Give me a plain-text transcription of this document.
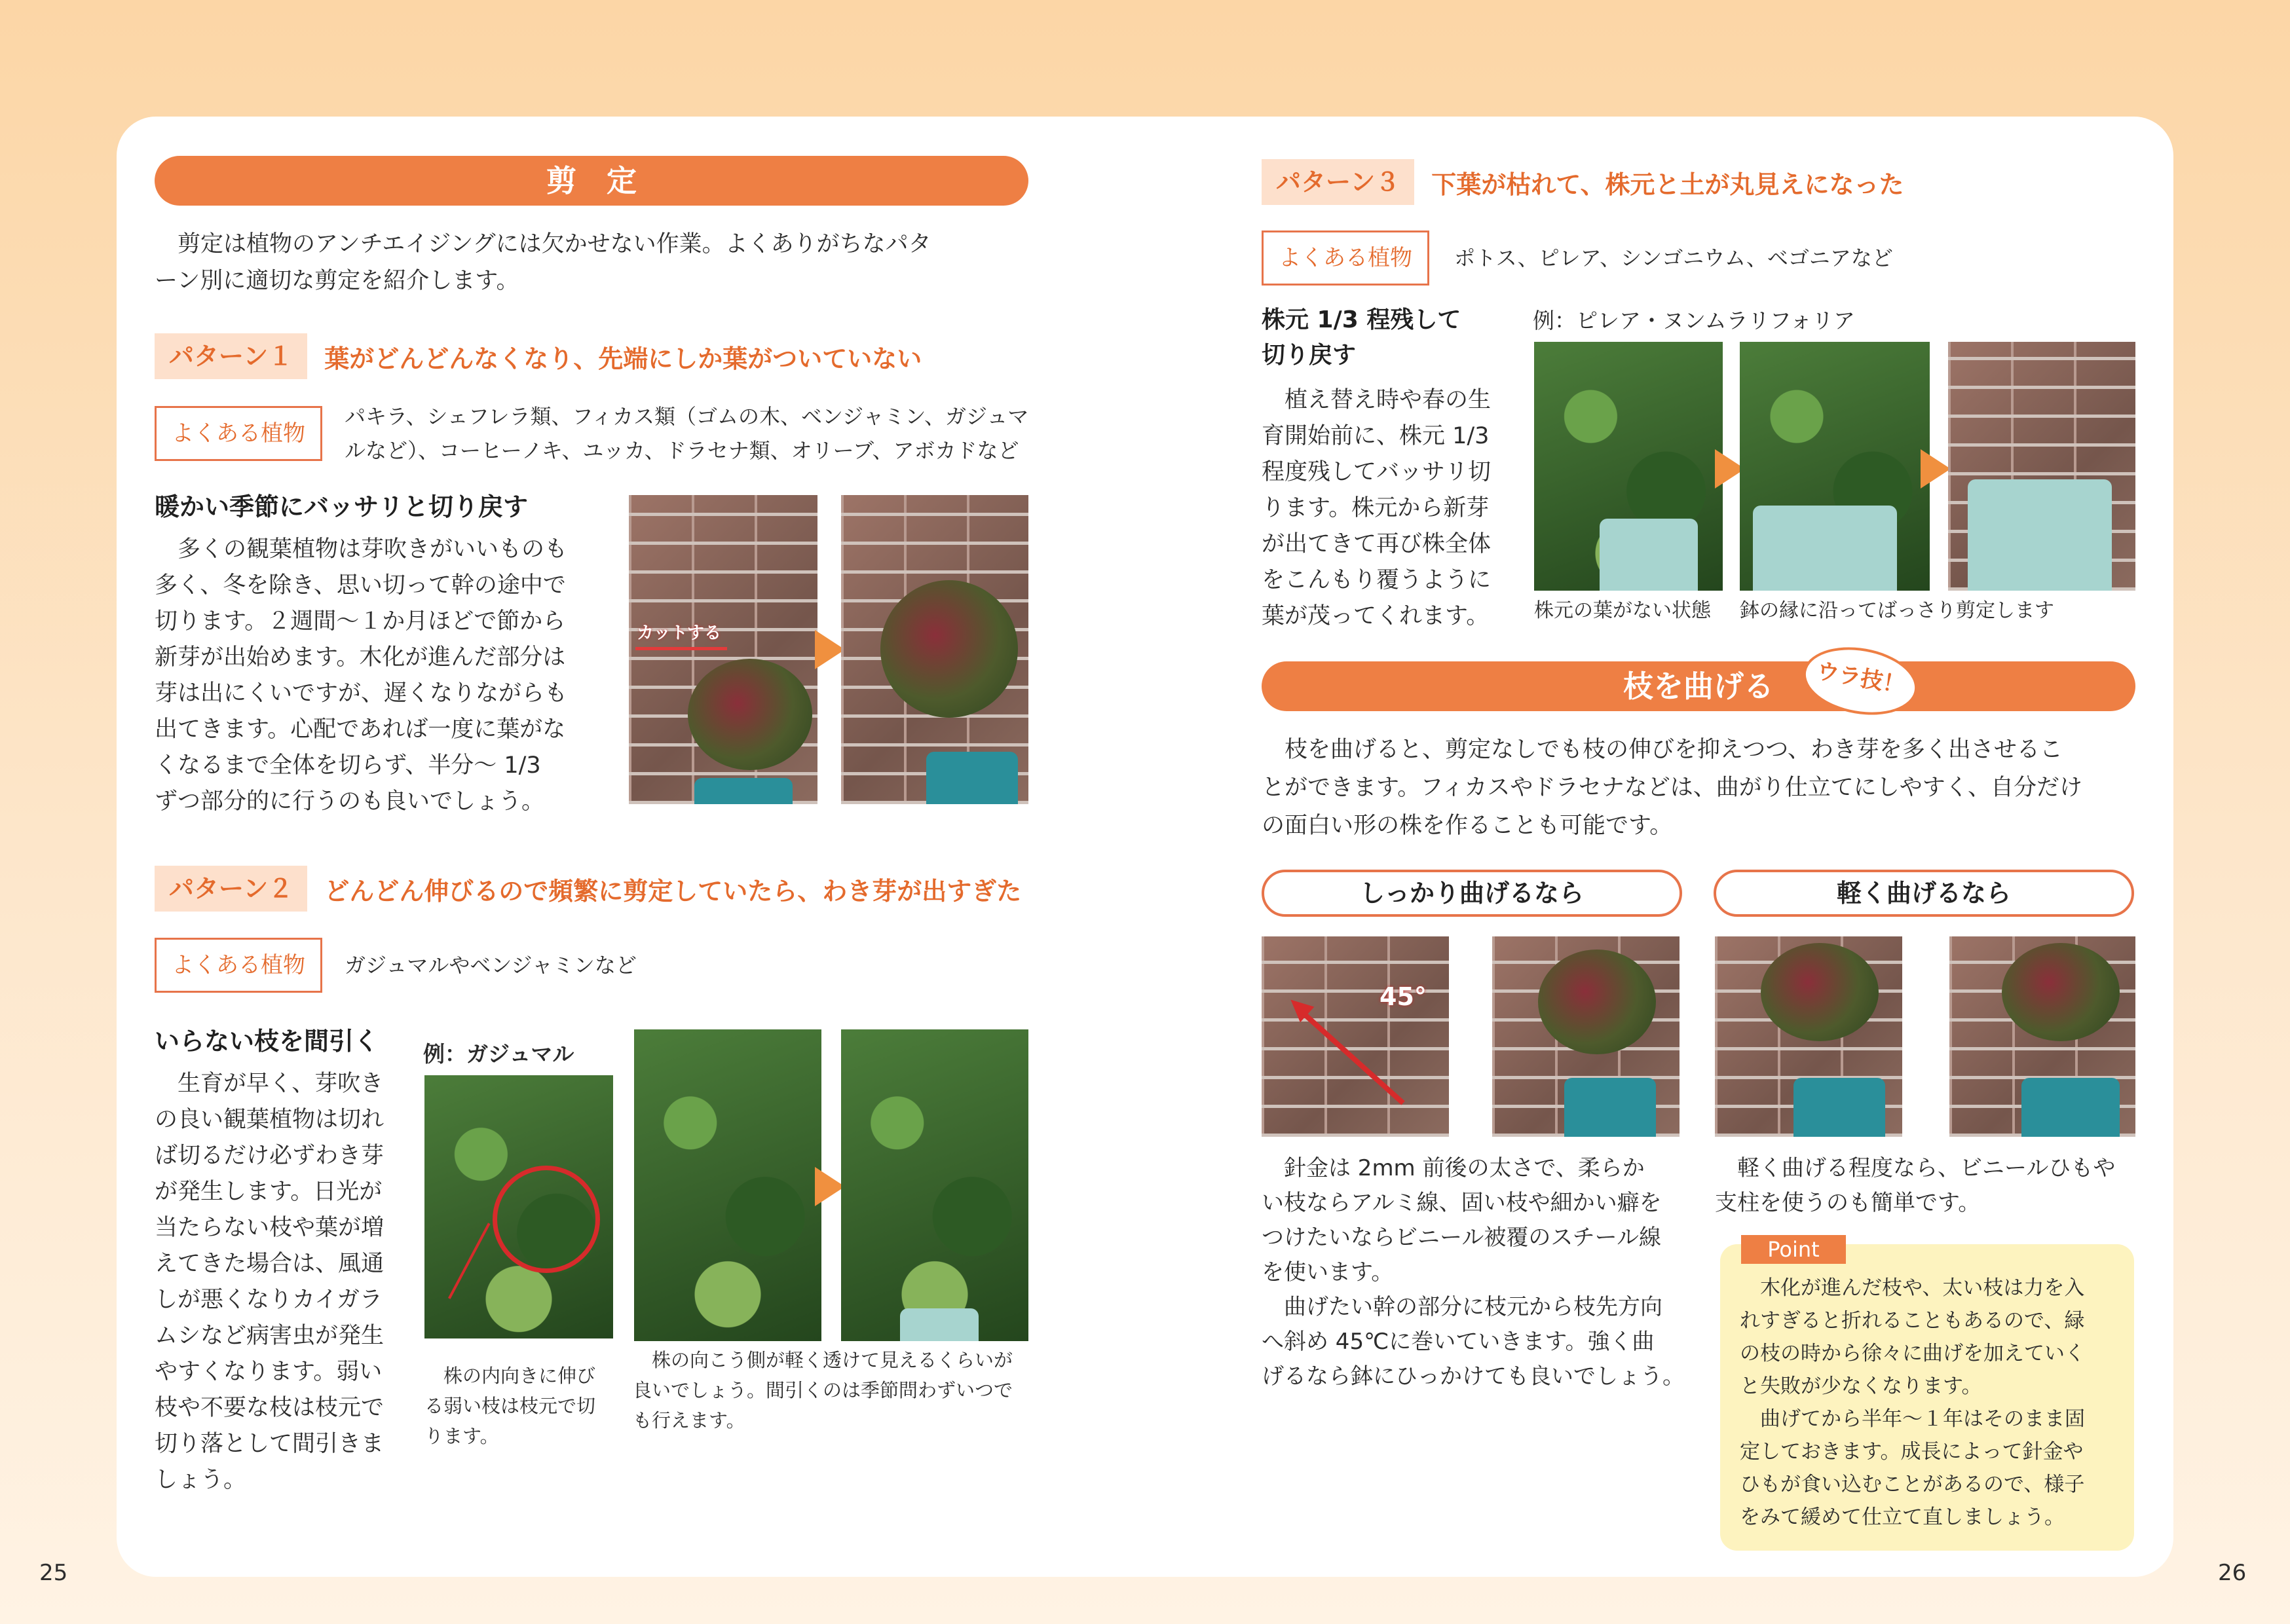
剪　定
　剪定は植物のアンチエイジングには欠かせない作業。よくありがちなパタ
ーン別に適切な剪定を紹介します。
パターン１	葉がどんどんなくなり、先端にしか葉がついていない
よくある植物
パキラ、シェフレラ類、フィカス類（ゴムの木、ベンジャミン、ガジュマ
ルなど）、コーヒーノキ、ユッカ、ドラセナ類、オリーブ、アボカドなど
暖かい季節にバッサリと切り戻す
　多くの観葉植物は芽吹きがいいものも
多く、冬を除き、思い切って幹の途中で
切ります。２週間～１か月ほどで節から
新芽が出始めます。木化が進んだ部分は
芽は出にくいですが、遅くなりながらも
出てきます。心配であれば一度に葉がな
くなるまで全体を切らず、半分～ 1/3
ずつ部分的に行うのも良いでしょう。
カットする
パターン２	どんどん伸びるので頻繁に剪定していたら、わき芽が出すぎた
よくある植物	ガジュマルやベンジャミンなど
いらない枝を間引く
　生育が早く、芽吹き
の良い観葉植物は切れ
ば切るだけ必ずわき芽
が発生します。日光が
当たらない枝や葉が増
えてきた場合は、風通
しが悪くなりカイガラ
ムシなど病害虫が発生
やすくなります。弱い
枝や不要な枝は枝元で
切り落として間引きま
しょう。
例：ガジュマル
　株の内向きに伸び
る弱い枝は枝元で切
ります。
　株の向こう側が軽く透けて見えるくらいが
良いでしょう。間引くのは季節問わずいつで
も行えます。
25
パターン３	下葉が枯れて、株元と土が丸見えになった
よくある植物	ポトス、ピレア、シンゴニウム、ベゴニアなど
株元 1/3 程残して
切り戻す
　植え替え時や春の生
育開始前に、株元 1/3
程度残してバッサリ切
ります。株元から新芽
が出てきて再び株全体
をこんもり覆うように
葉が茂ってくれます。
例：ピレア・ヌンムラリフォリア
株元の葉がない状態 鉢の縁に沿ってばっさり剪定します
枝を曲げる	ウラ技！
　枝を曲げると、剪定なしでも枝の伸びを抑えつつ、わき芽を多く出させるこ
とができます。フィカスやドラセナなどは、曲がり仕立てにしやすく、自分だけ
の面白い形の株を作ることも可能です。
しっかり曲げるなら	軽く曲げるなら
45°
　針金は 2mm 前後の太さで、柔らか
い枝ならアルミ線、固い枝や細かい癖を
つけたいならビニール被覆のスチール線
を使います。
　曲げたい幹の部分に枝元から枝先方向
へ斜め 45℃に巻いていきます。強く曲
げるなら鉢にひっかけても良いでしょう。
　軽く曲げる程度なら、ビニールひもや
支柱を使うのも簡単です。
Point
　木化が進んだ枝や、太い枝は力を入
れすぎると折れることもあるので、緑
の枝の時から徐々に曲げを加えていく
と失敗が少なくなります。
　曲げてから半年～１年はそのまま固
定しておきます。成長によって針金や
ひもが食い込むことがあるので、様子
をみて緩めて仕立て直しましょう。
26
